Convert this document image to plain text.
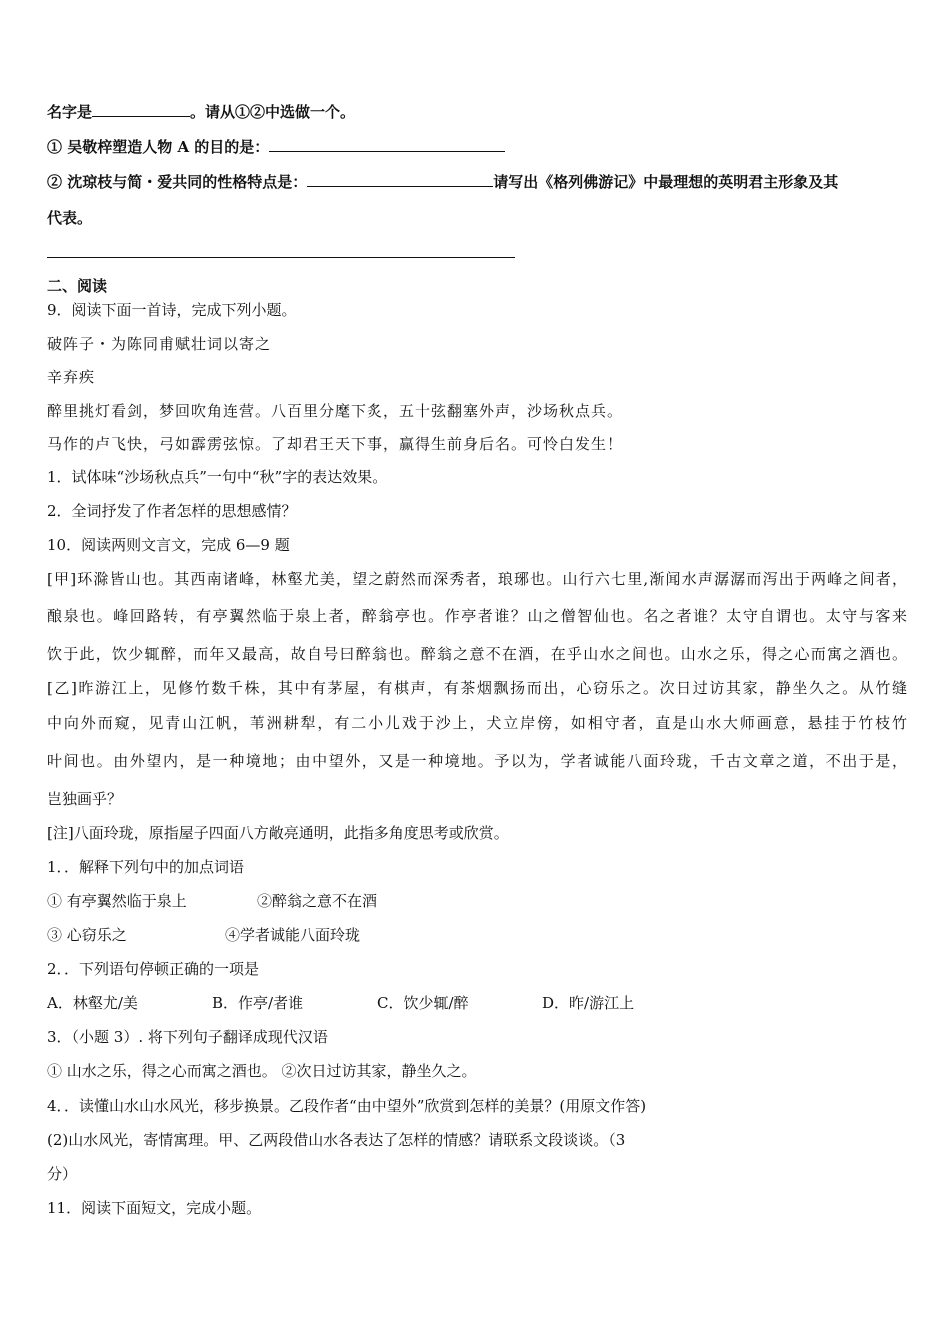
名字是	。请从①②中选做一个。
① 吴敬梓塑造人物 A 的目的是：
② 沈琼枝与简・爱共同的性格特点是：	请写出《格列佛游记》中最理想的英明君主形象及其
代表。
二、阅读
9．阅读下面一首诗，完成下列小题。
破阵子・为陈同甫赋壮词以寄之
辛弃疾
醉里挑灯看剑，梦回吹角连营。八百里分麾下炙，五十弦翻塞外声，沙场秋点兵。
马作的卢飞快，弓如霹雳弦惊。了却君王天下事，赢得生前身后名。可怜白发生！
1．试体味“沙场秋点兵”一句中“秋”字的表达效果。
2．全词抒发了作者怎样的思想感情？
10．阅读两则文言文，完成 6—9 题
[甲]环滁皆山也。其西南诸峰，林壑尤美，望之蔚然而深秀者，琅琊也。山行六七里,渐闻水声潺潺而泻出于两峰之间者，
酿泉也。峰回路转，有亭翼然临于泉上者，醉翁亭也。作亭者谁？山之僧智仙也。名之者谁？太守自谓也。太守与客来
饮于此，饮少辄醉，而年又最高，故自号曰醉翁也。醉翁之意不在酒，在乎山水之间也。山水之乐，得之心而寓之酒也。
[乙]昨游江上，见修竹数千株，其中有茅屋，有棋声，有茶烟飘扬而出，心窃乐之。次日过访其家，静坐久之。从竹缝
中向外而窥，见青山江帆，苇洲耕犁，有二小儿戏于沙上，犬立岸傍，如相守者，直是山水大师画意，悬挂于竹枝竹
叶间也。由外望内，是一种境地；由中望外，又是一种境地。予以为，学者诚能八面玲珑，千古文章之道，不出于是，
岂独画乎？
[注]八面玲珑，原指屋子四面八方敞亮通明，此指多角度思考或欣赏。
1．．解释下列句中的加点词语
① 有亭翼然临于泉上	②醉翁之意不在酒
③ 心窃乐之	④学者诚能八面玲珑
2．．下列语句停顿正确的一项是
A．林壑尤/美	B．作亭/者谁	C．饮少辄/醉	D．昨/游江上
3．（小题 3）. 将下列句子翻译成现代汉语
① 山水之乐，得之心而寓之酒也。 ②次日过访其家，静坐久之。
4．．读懂山水山水风光，移步换景。乙段作者“由中望外”欣赏到怎样的美景？(用原文作答)
(2)山水风光，寄情寓理。甲、乙两段借山水各表达了怎样的情感？请联系文段谈谈。（3
分）
11．阅读下面短文，完成小题。
